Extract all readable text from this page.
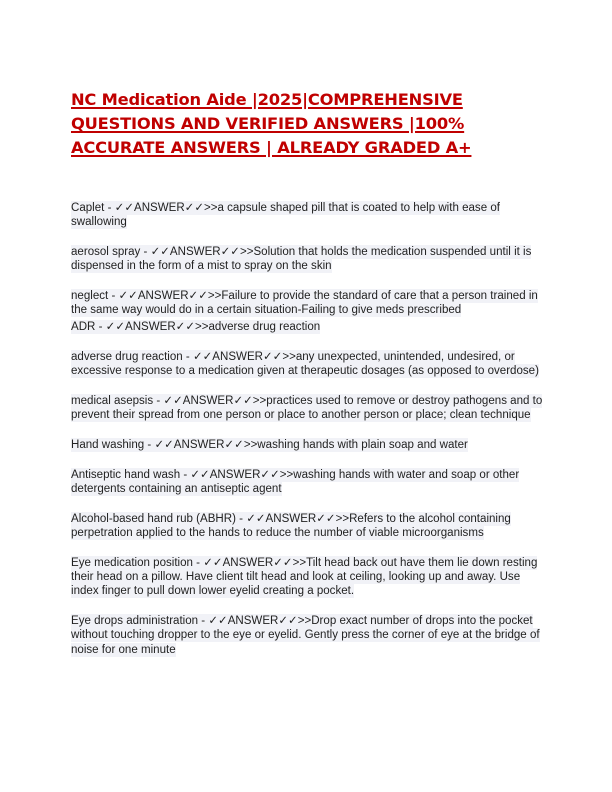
NC Medication Aide |2025|COMPREHENSIVE
QUESTIONS AND VERIFIED ANSWERS |100%
ACCURATE ANSWERS | ALREADY GRADED A+
Caplet - ✓✓ANSWER✓✓>>a capsule shaped pill that is coated to help with ease of swallowing
aerosol spray - ✓✓ANSWER✓✓>>Solution that holds the medication suspended until it is dispensed in the form of a mist to spray on the skin
neglect - ✓✓ANSWER✓✓>>Failure to provide the standard of care that a person trained in the same way would do in a certain situation-Failing to give meds prescribed
ADR - ✓✓ANSWER✓✓>>adverse drug reaction
adverse drug reaction - ✓✓ANSWER✓✓>>any unexpected, unintended, undesired, or excessive response to a medication given at therapeutic dosages (as opposed to overdose)
medical asepsis - ✓✓ANSWER✓✓>>practices used to remove or destroy pathogens and to prevent their spread from one person or place to another person or place; clean technique
Hand washing - ✓✓ANSWER✓✓>>washing hands with plain soap and water
Antiseptic hand wash - ✓✓ANSWER✓✓>>washing hands with water and soap or other detergents containing an antiseptic agent
Alcohol-based hand rub (ABHR) - ✓✓ANSWER✓✓>>Refers to the alcohol containing perpetration applied to the hands to reduce the number of viable microorganisms
Eye medication position - ✓✓ANSWER✓✓>>Tilt head back out have them lie down resting their head on a pillow. Have client tilt head and look at ceiling, looking up and away. Use index finger to pull down lower eyelid creating a pocket.
Eye drops administration - ✓✓ANSWER✓✓>>Drop exact number of drops into the pocket without touching dropper to the eye or eyelid. Gently press the corner of eye at the bridge of noise for one minute
